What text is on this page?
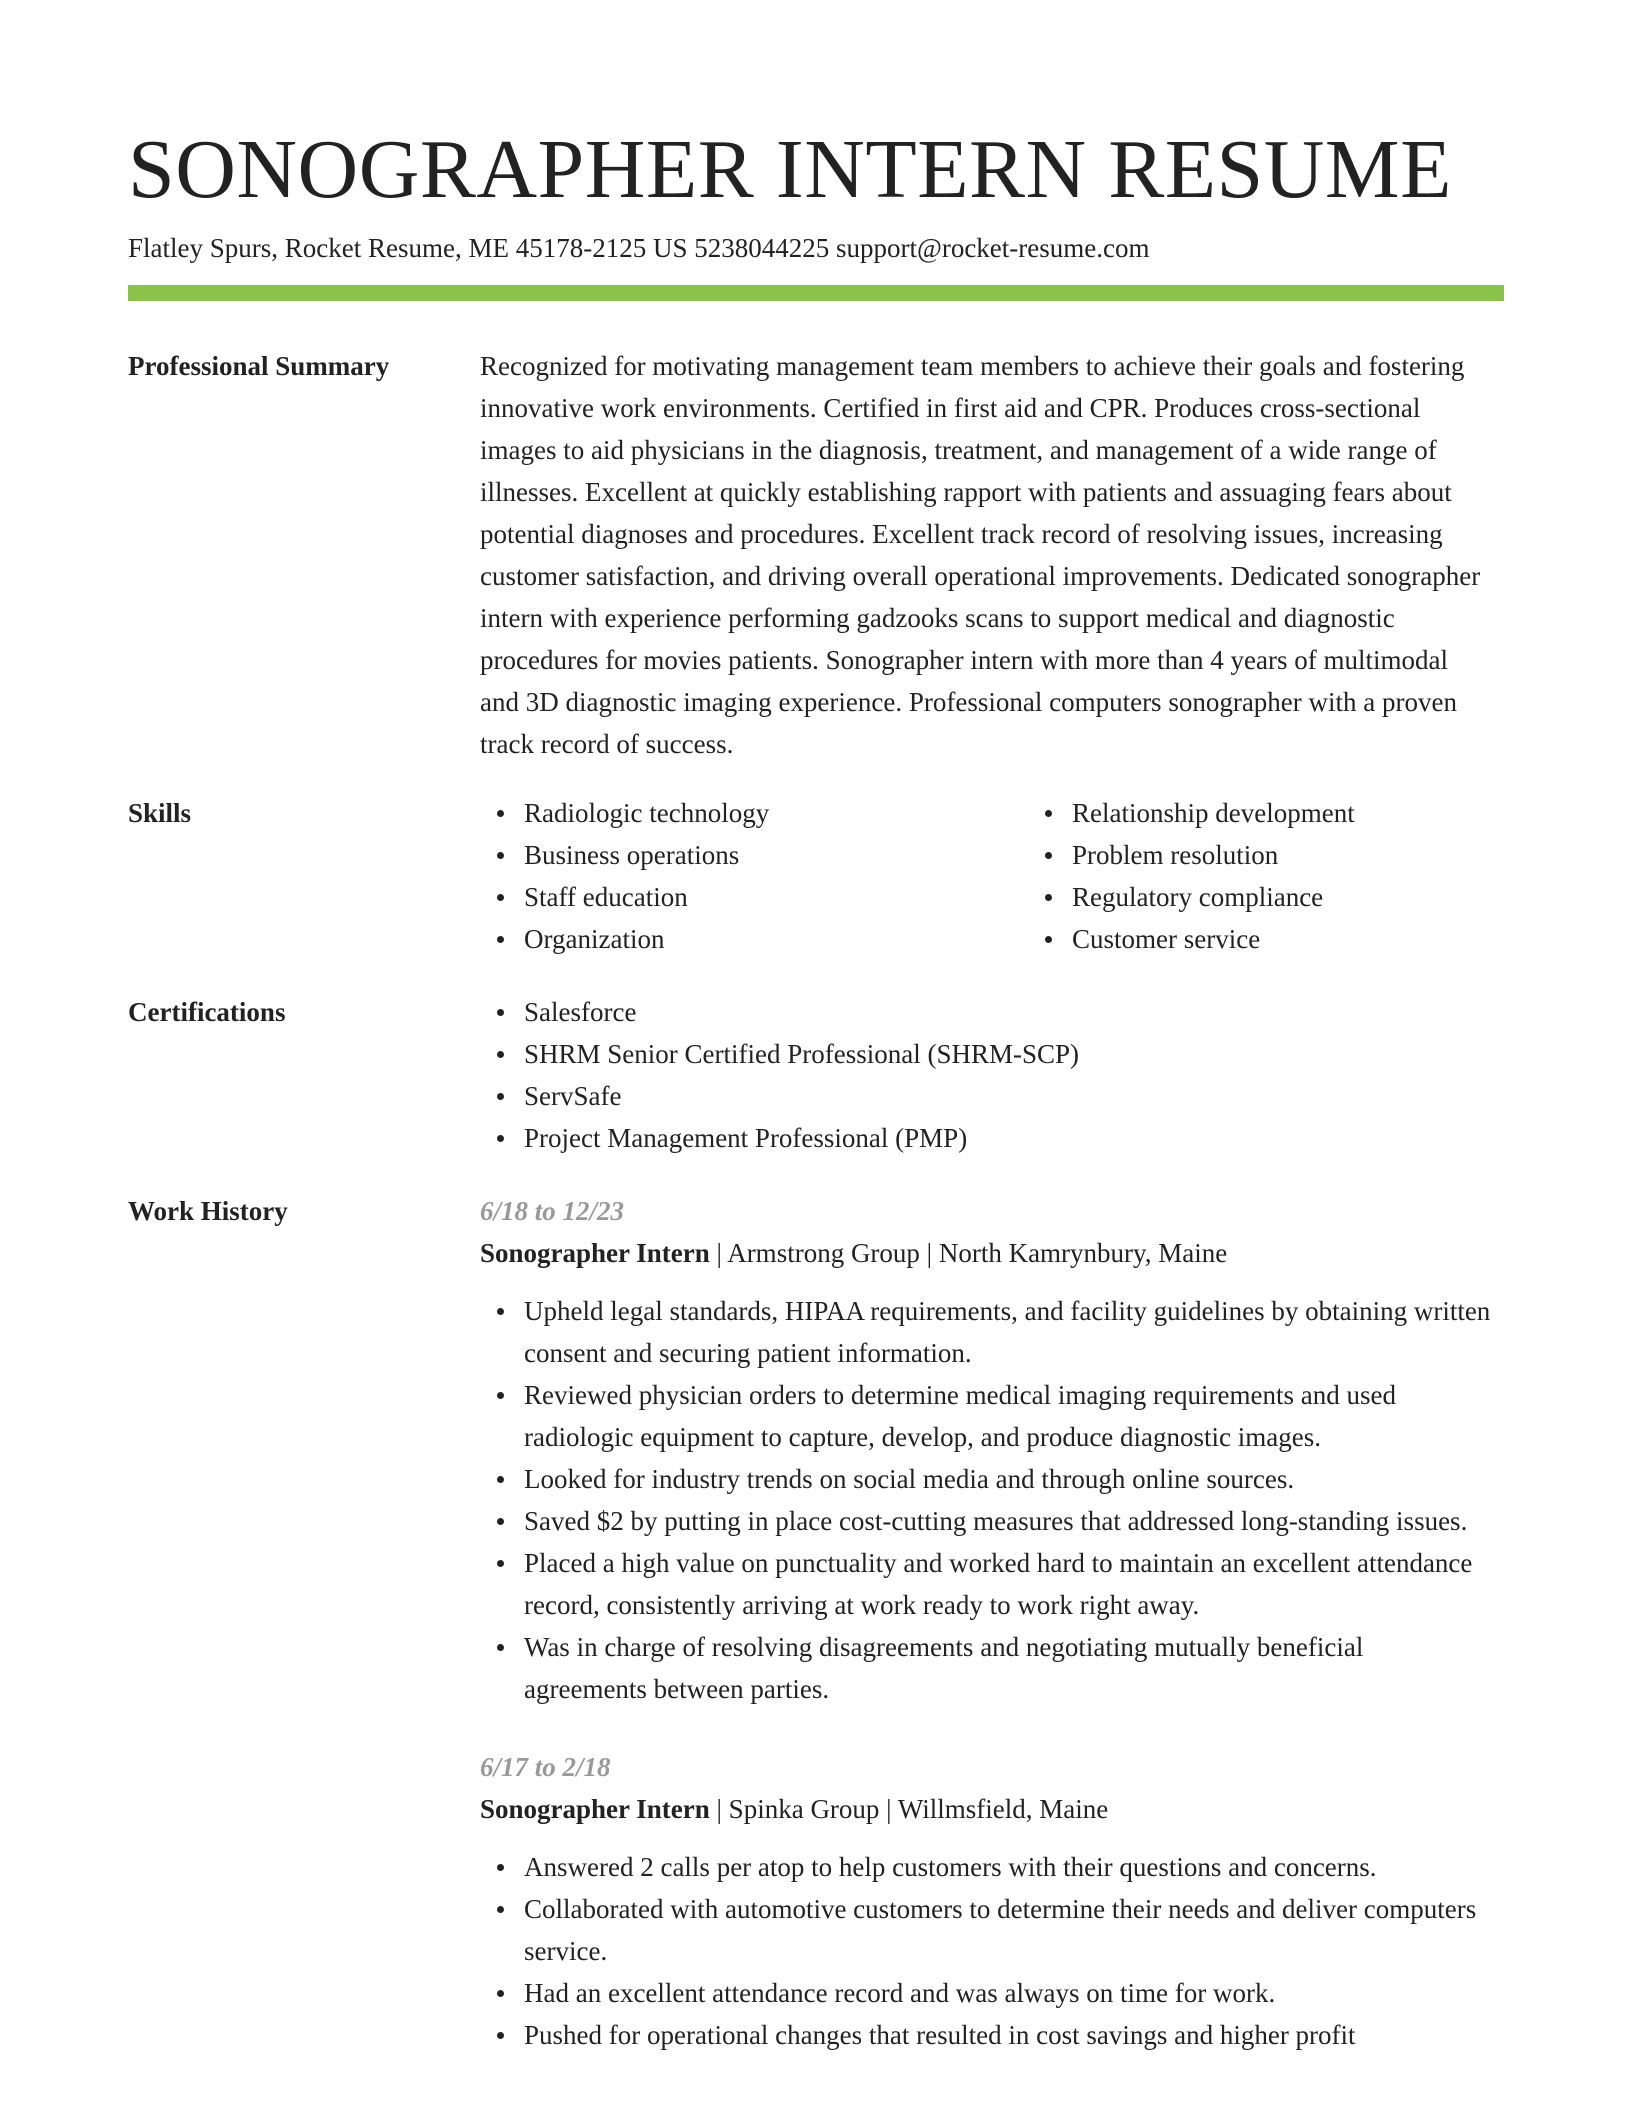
SONOGRAPHER INTERN RESUME
Flatley Spurs, Rocket Resume, ME 45178-2125 US 5238044225 support@rocket-resume.com
Professional Summary	Recognized for motivating management team members to achieve their goals and fostering innovative work environments. Certified in first aid and CPR. Produces cross-sectional images to aid physicians in the diagnosis, treatment, and management of a wide range of illnesses. Excellent at quickly establishing rapport with patients and assuaging fears about potential diagnoses and procedures. Excellent track record of resolving issues, increasing customer satisfaction, and driving overall operational improvements. Dedicated sonographer intern with experience performing gadzooks scans to support medical and diagnostic procedures for movies patients. Sonographer intern with more than 4 years of multimodal and 3D diagnostic imaging experience. Professional computers sonographer with a proven track record of success.

Skills	Radiologic technology
Business operations
Staff education
Organization
Relationship development
Problem resolution
Regulatory compliance
Customer service
Certifications	Salesforce
SHRM Senior Certified Professional (SHRM-SCP)
ServSafe
Project Management Professional (PMP)
Work History	6/18 to 12/23
Sonographer Intern | Armstrong Group | North Kamrynbury, Maine
Upheld legal standards, HIPAA requirements, and facility guidelines by obtaining written consent and securing patient information.
Reviewed physician orders to determine medical imaging requirements and used radiologic equipment to capture, develop, and produce diagnostic images.
Looked for industry trends on social media and through online sources.
Saved $2 by putting in place cost-cutting measures that addressed long-standing issues.
Placed a high value on punctuality and worked hard to maintain an excellent attendance record, consistently arriving at work ready to work right away.
Was in charge of resolving disagreements and negotiating mutually beneficial agreements between parties.
6/17 to 2/18
Sonographer Intern | Spinka Group | Willmsfield, Maine
Answered 2 calls per atop to help customers with their questions and concerns.
Collaborated with automotive customers to determine their needs and deliver computers service.
Had an excellent attendance record and was always on time for work.
Pushed for operational changes that resulted in cost savings and higher profit
